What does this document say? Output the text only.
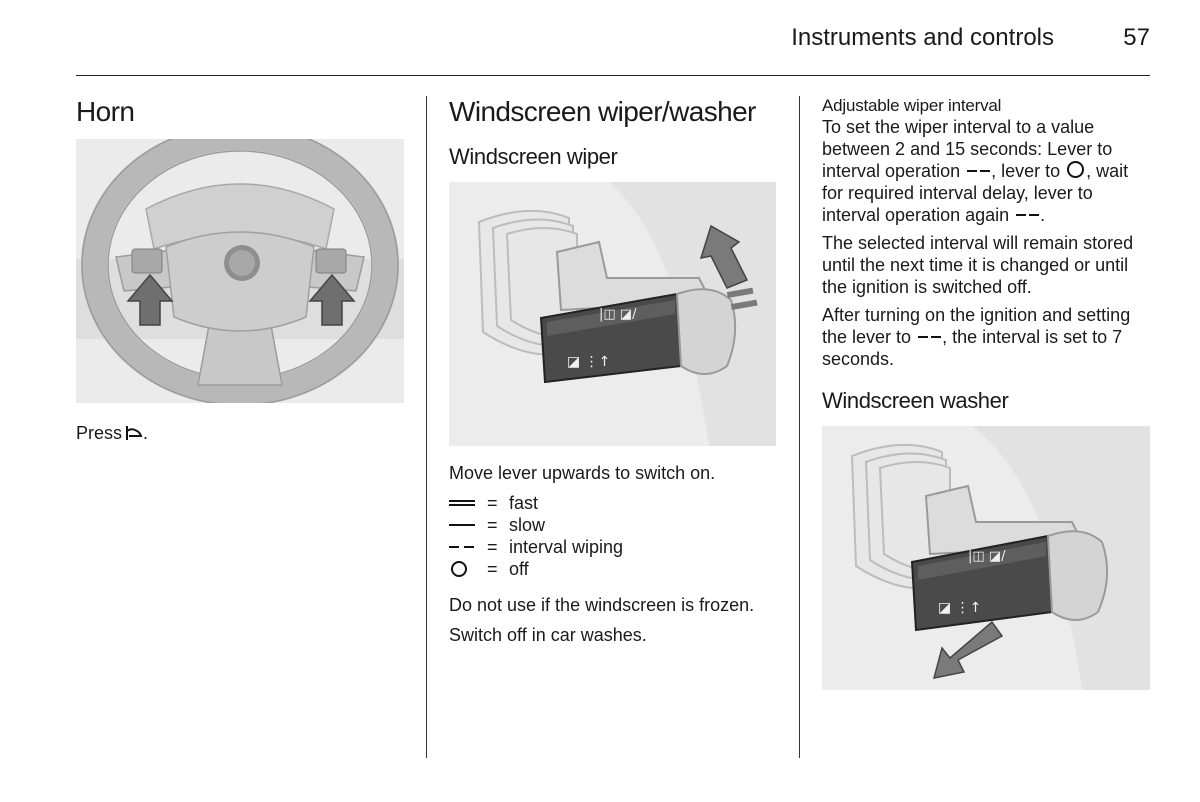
Instruments and controls	57
Horn

Press .

Windscreen wiper/washer
Windscreen wiper
|◫ ◪/
◪ ⋮↑

Move lever upwards to switch on.

= fast
= slow
= interval wiping
= off

Do not use if the windscreen is frozen.

Switch off in car washes.

Adjustable wiper interval

To set the wiper interval to a value between 2 and 15 seconds: Lever to interval operation , lever to , wait for required interval delay, lever to interval operation again .

The selected interval will remain stored until the next time it is changed or until the ignition is switched off.

After turning on the ignition and setting the lever to , the interval is set to 7 seconds.

Windscreen washer
|◫ ◪/
◪ ⋮↑
